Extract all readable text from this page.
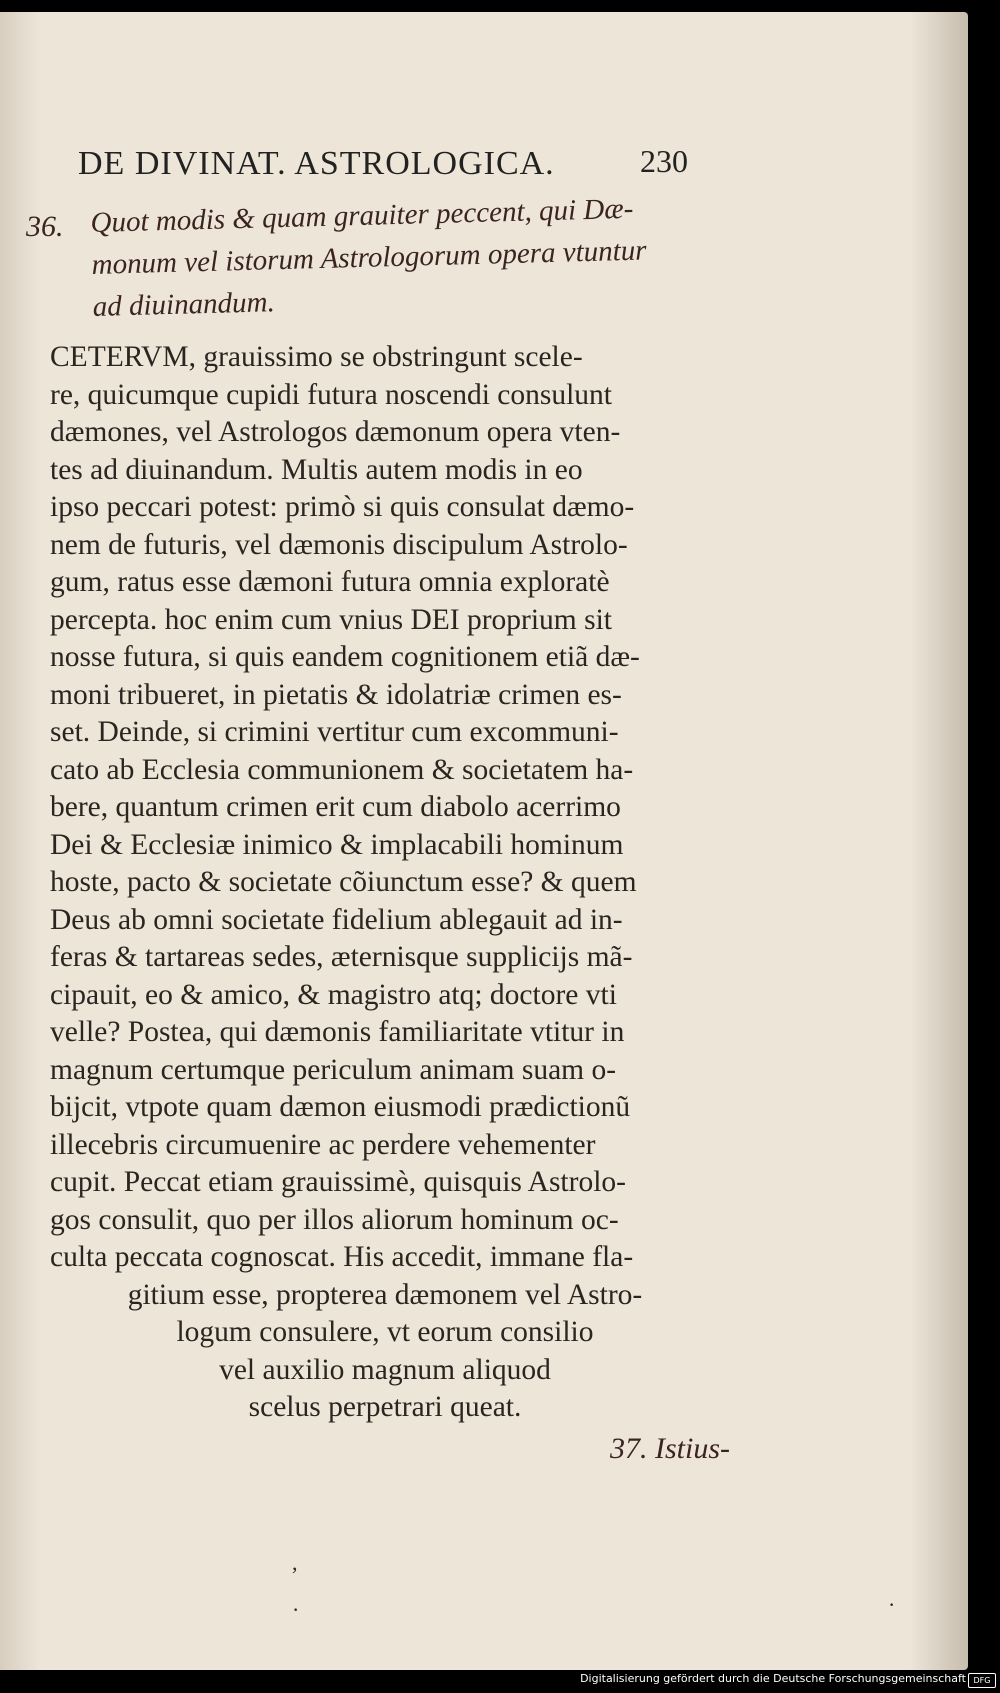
DE DIVINAT. ASTROLOGICA.	230
36. Quot modis & quam grauiter peccent, qui Dæ-
monum vel istorum Astrologorum opera vtuntur
ad diuinandum.
CETERVM, grauissimo se obstringunt scele-
re, quicumque cupidi futura noscendi consulunt
dæmones, vel Astrologos dæmonum opera vten-
tes ad diuinandum. Multis autem modis in eo
ipso peccari potest: primò si quis consulat dæmo-
nem de futuris, vel dæmonis discipulum Astrolo-
gum, ratus esse dæmoni futura omnia exploratè
percepta. hoc enim cum vnius DEI proprium sit
nosse futura, si quis eandem cognitionem etiã dæ-
moni tribueret, in pietatis & idolatriæ crimen es-
set. Deinde, si crimini vertitur cum excommuni-
cato ab Ecclesia communionem & societatem ha-
bere, quantum crimen erit cum diabolo acerrimo
Dei & Ecclesiæ inimico & implacabili hominum
hoste, pacto & societate cõiunctum esse? & quem
Deus ab omni societate fidelium ablegauit ad in-
feras & tartareas sedes, æternisque supplicijs mã-
cipauit, eo & amico, & magistro atq; doctore vti
velle? Postea, qui dæmonis familiaritate vtitur in
magnum certumque periculum animam suam o-
bijcit, vtpote quam dæmon eiusmodi prædictionũ
illecebris circumuenire ac perdere vehementer
cupit. Peccat etiam grauissimè, quisquis Astrolo-
gos consulit, quo per illos aliorum hominum oc-
culta peccata cognoscat. His accedit, immane fla-
gitium esse, propterea dæmonem vel Astro-
logum consulere, vt eorum consilio
vel auxilio magnum aliquod
scelus perpetrari queat.
37. Istius-
,
·	·
Digitalisierung gefördert durch die Deutsche Forschungsgemeinschaft DFG
